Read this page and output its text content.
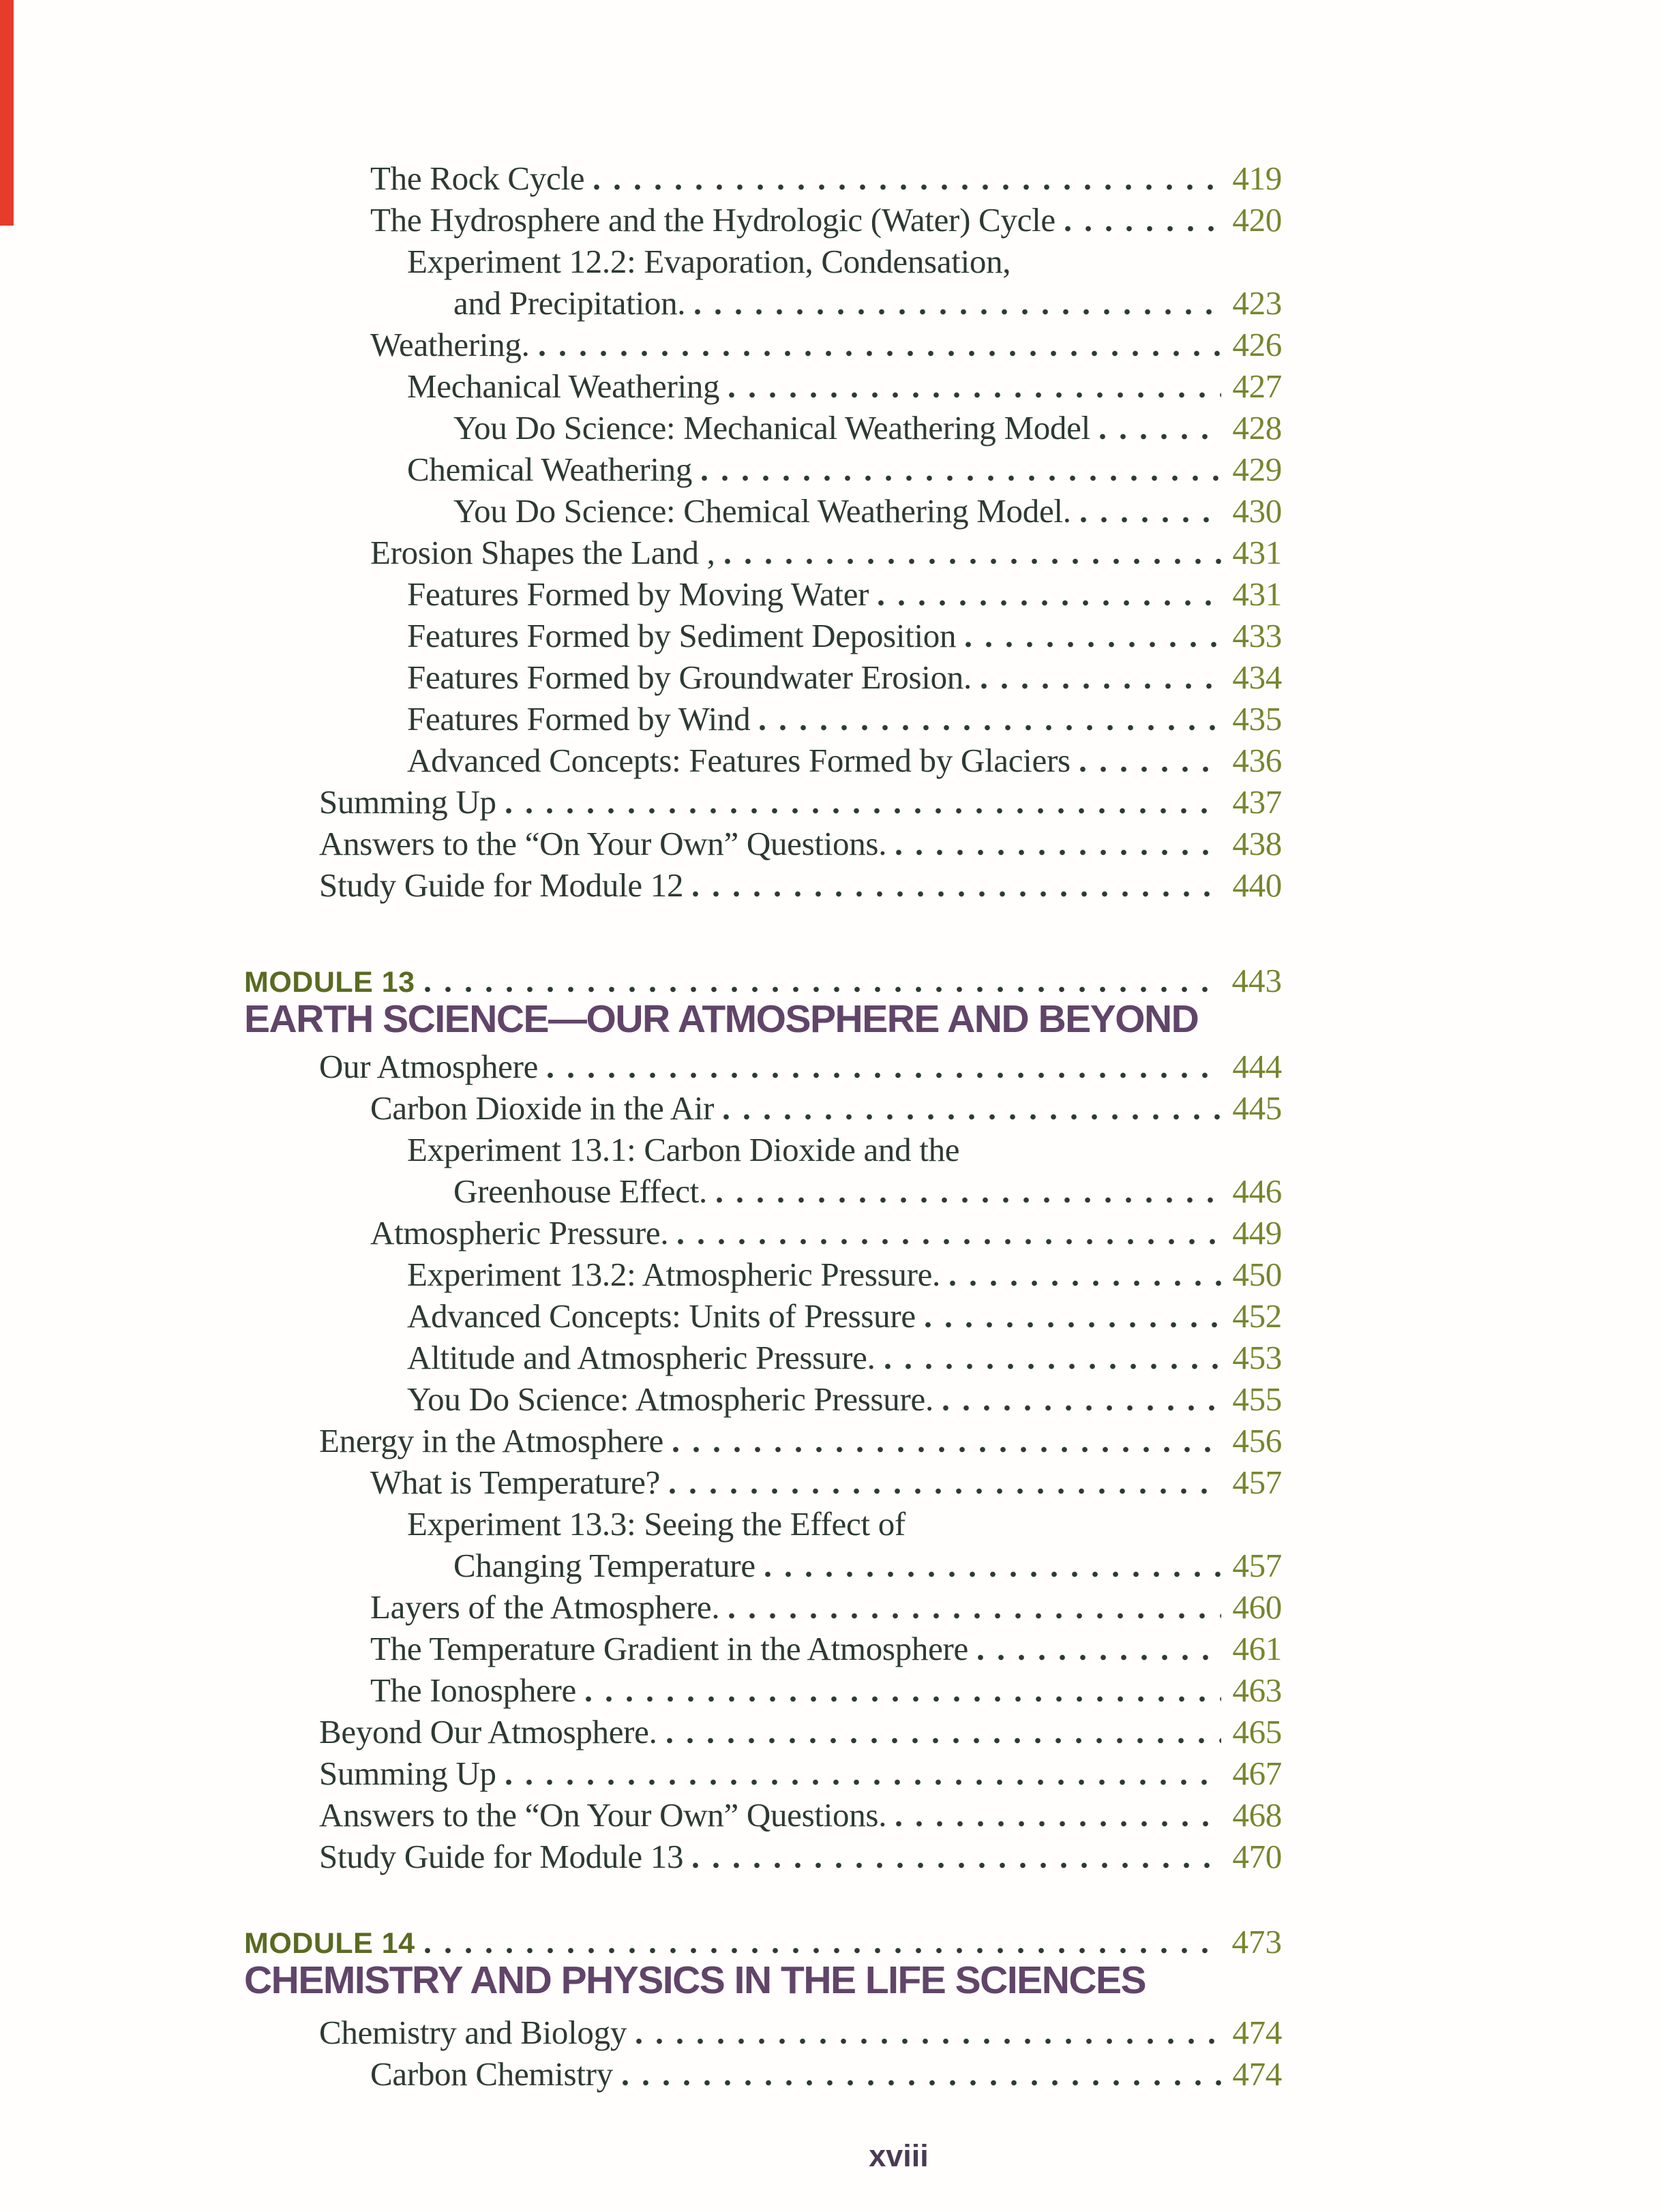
The Rock Cycle	419
The Hydrosphere and the Hydrologic (Water) Cycle	420
Experiment 12.2: Evaporation, Condensation,
and Precipitation.	423
Weathering.	426
Mechanical Weathering	427
You Do Science: Mechanical Weathering Model	428
Chemical Weathering	429
You Do Science: Chemical Weathering Model.	430
Erosion Shapes the Land ,	431
Features Formed by Moving Water	431
Features Formed by Sediment Deposition	433
Features Formed by Groundwater Erosion.	434
Features Formed by Wind	435
Advanced Concepts: Features Formed by Glaciers	436
Summing Up	437
Answers to the “On Your Own” Questions.	438
Study Guide for Module 12	440
MODULE 13	443
EARTH SCIENCE—OUR ATMOSPHERE AND BEYOND
Our Atmosphere	444
Carbon Dioxide in the Air	445
Experiment 13.1: Carbon Dioxide and the
Greenhouse Effect.	446
Atmospheric Pressure.	449
Experiment 13.2: Atmospheric Pressure.	450
Advanced Concepts: Units of Pressure	452
Altitude and Atmospheric Pressure.	453
You Do Science: Atmospheric Pressure.	455
Energy in the Atmosphere	456
What is Temperature?	457
Experiment 13.3: Seeing the Effect of
Changing Temperature	457
Layers of the Atmosphere.	460
The Temperature Gradient in the Atmosphere	461
The Ionosphere	463
Beyond Our Atmosphere.	465
Summing Up	467
Answers to the “On Your Own” Questions.	468
Study Guide for Module 13	470
MODULE 14	473
CHEMISTRY AND PHYSICS IN THE LIFE SCIENCES
Chemistry and Biology	474
Carbon Chemistry	474
xviii
